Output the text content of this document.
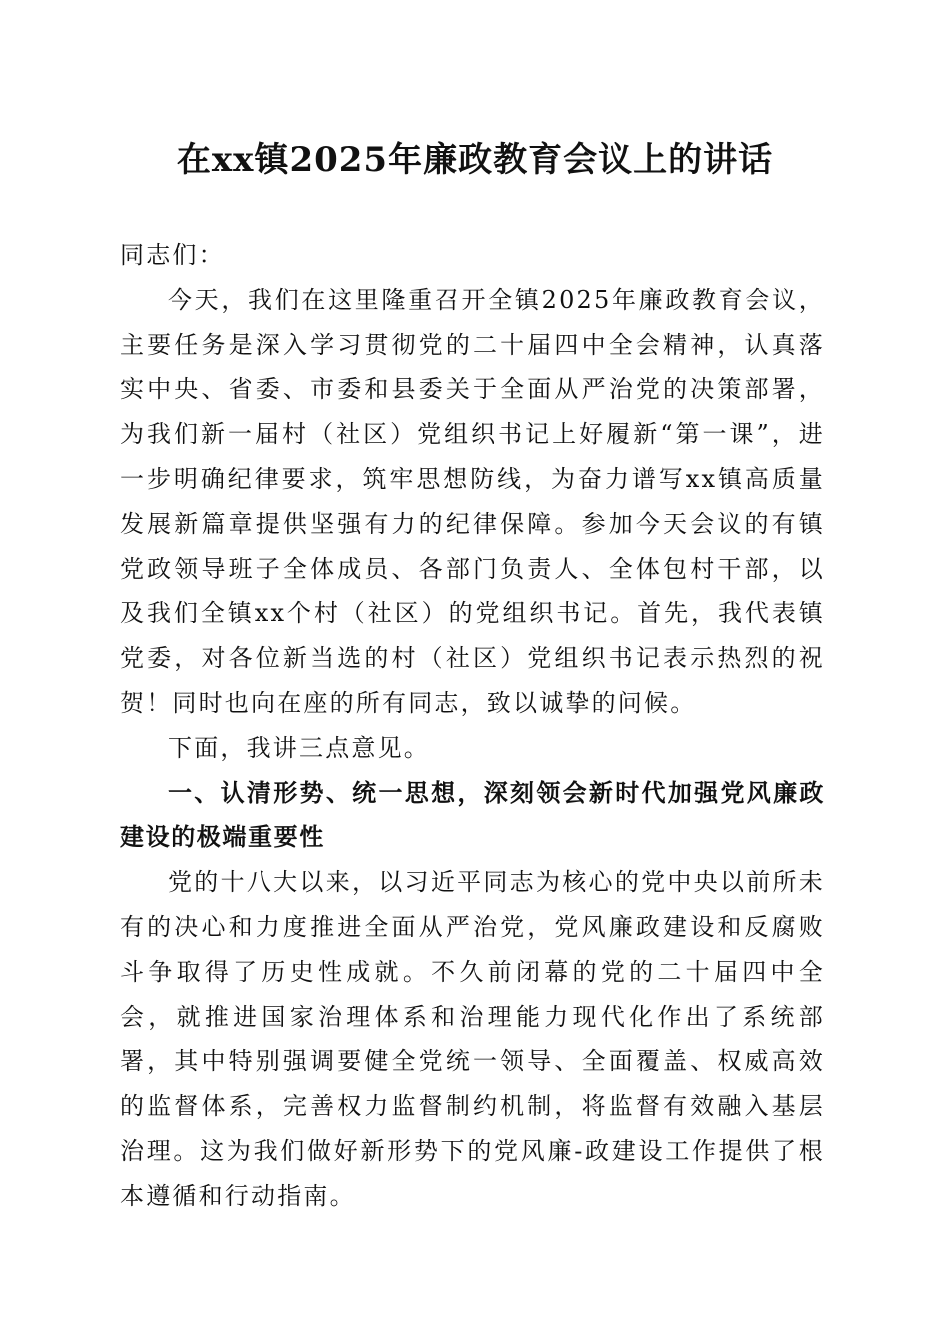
在xx镇2025年廉政教育会议上的讲话

同志们：

今天，我们在这里隆重召开全镇2025年廉政教育会议，主要任务是深入学习贯彻党的二十届四中全会精神，认真落实中央、省委、市委和县委关于全面从严治党的决策部署，为我们新一届村（社区）党组织书记上好履新“第一课”，进一步明确纪律要求，筑牢思想防线，为奋力谱写xx镇高质量发展新篇章提供坚强有力的纪律保障。参加今天会议的有镇党政领导班子全体成员、各部门负责人、全体包村干部，以及我们全镇xx个村（社区）的党组织书记。首先，我代表镇党委，对各位新当选的村（社区）党组织书记表示热烈的祝贺！同时也向在座的所有同志，致以诚挚的问候。

下面，我讲三点意见。

一、认清形势、统一思想，深刻领会新时代加强党风廉政建设的极端重要性

党的十八大以来，以习近平同志为核心的党中央以前所未有的决心和力度推进全面从严治党，党风廉政建设和反腐败斗争取得了历史性成就。不久前闭幕的党的二十届四中全会，就推进国家治理体系和治理能力现代化作出了系统部署，其中特别强调要健全党统一领导、全面覆盖、权威高效的监督体系，完善权力监督制约机制，将监督有效融入基层治理。这为我们做好新形势下的党风廉-政建设工作提供了根本遵循和行动指南。
